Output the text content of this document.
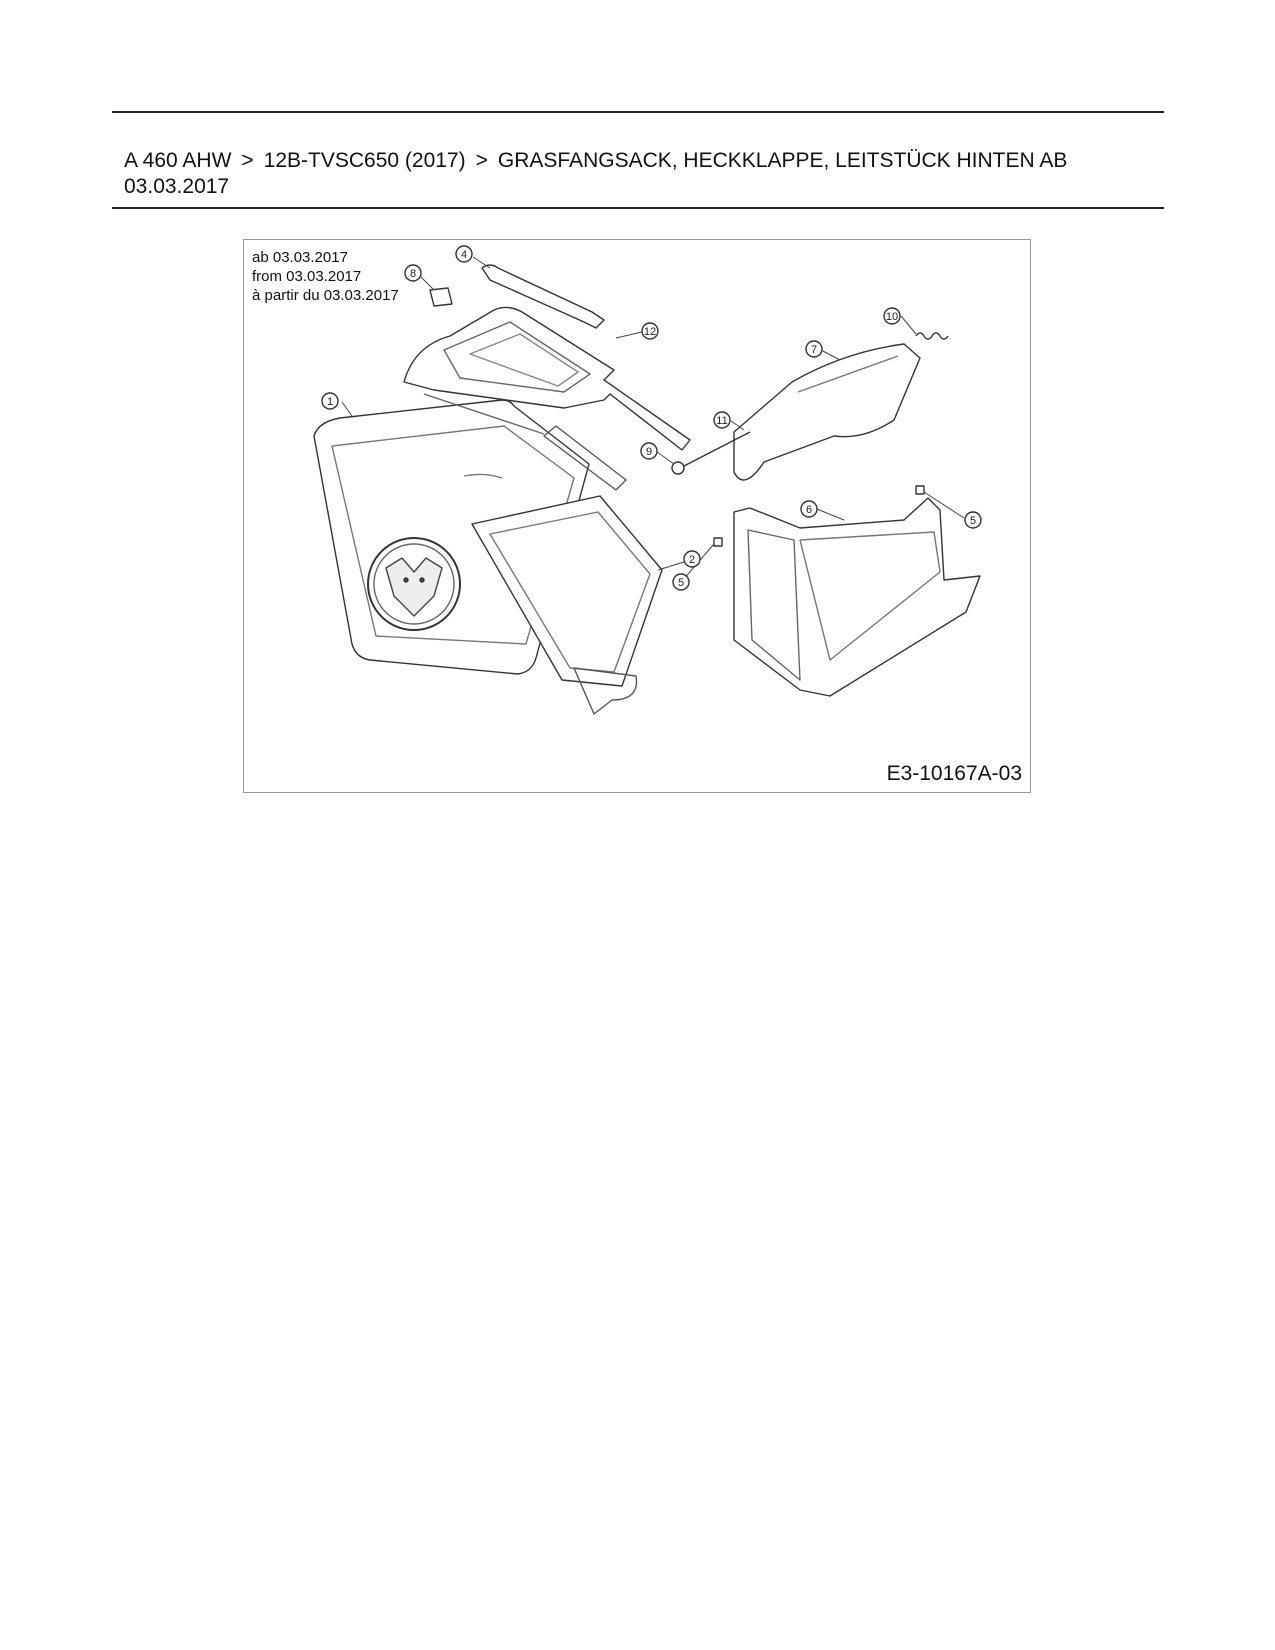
A 460 AHW > 12B-TVSC650 (2017) > GRASFANGSACK, HECKKLAPPE, LEITSTÜCK HINTEN AB 03.03.2017
1
2
4
5
5
6
7
8
9
10
11
12
ab 03.03.2017
from 03.03.2017
à partir du 03.03.2017
E3-10167A-03
